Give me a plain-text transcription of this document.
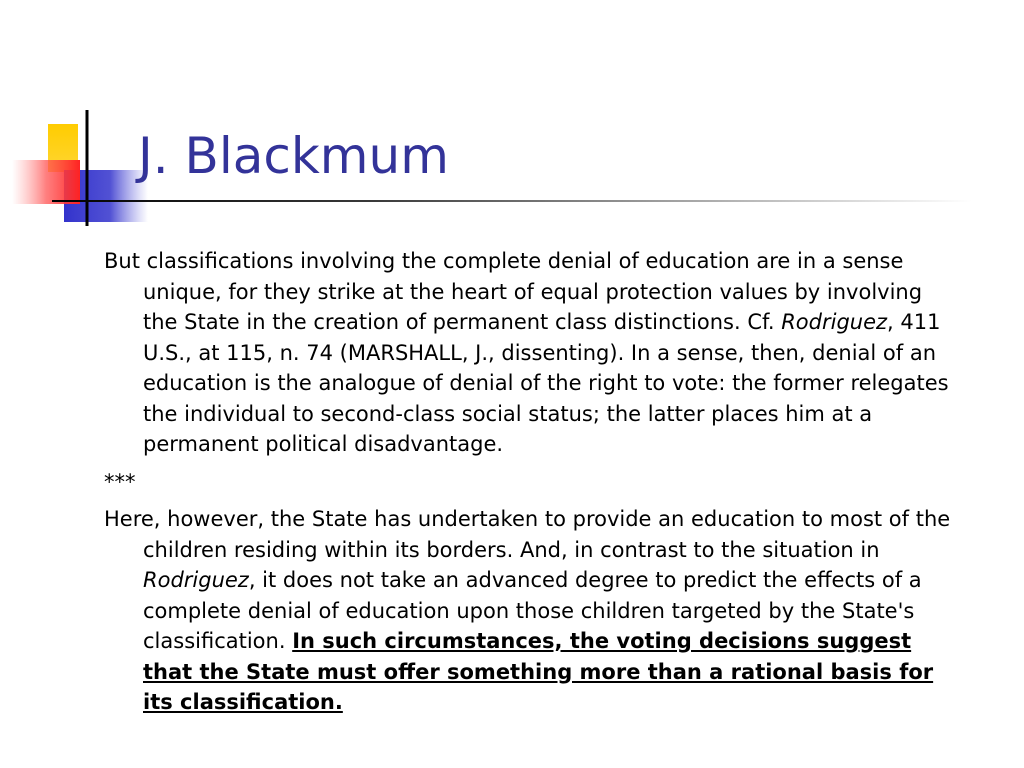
J. Blackmum

But classifications involving the complete denial of education are in a sense unique, for they strike at the heart of equal protection values by involving the State in the creation of permanent class distinctions. Cf. Rodriguez, 411 U.S., at 115, n. 74 (MARSHALL, J., dissenting). In a sense, then, denial of an education is the analogue of denial of the right to vote: the former relegates the individual to second-class social status; the latter places him at a permanent political disadvantage.

***

Here, however, the State has undertaken to provide an education to most of the children residing within its borders. And, in contrast to the situation in Rodriguez, it does not take an advanced degree to predict the effects of a complete denial of education upon those children targeted by the State's classification. In such circumstances, the voting decisions suggest that the State must offer something more than a rational basis for its classification.
